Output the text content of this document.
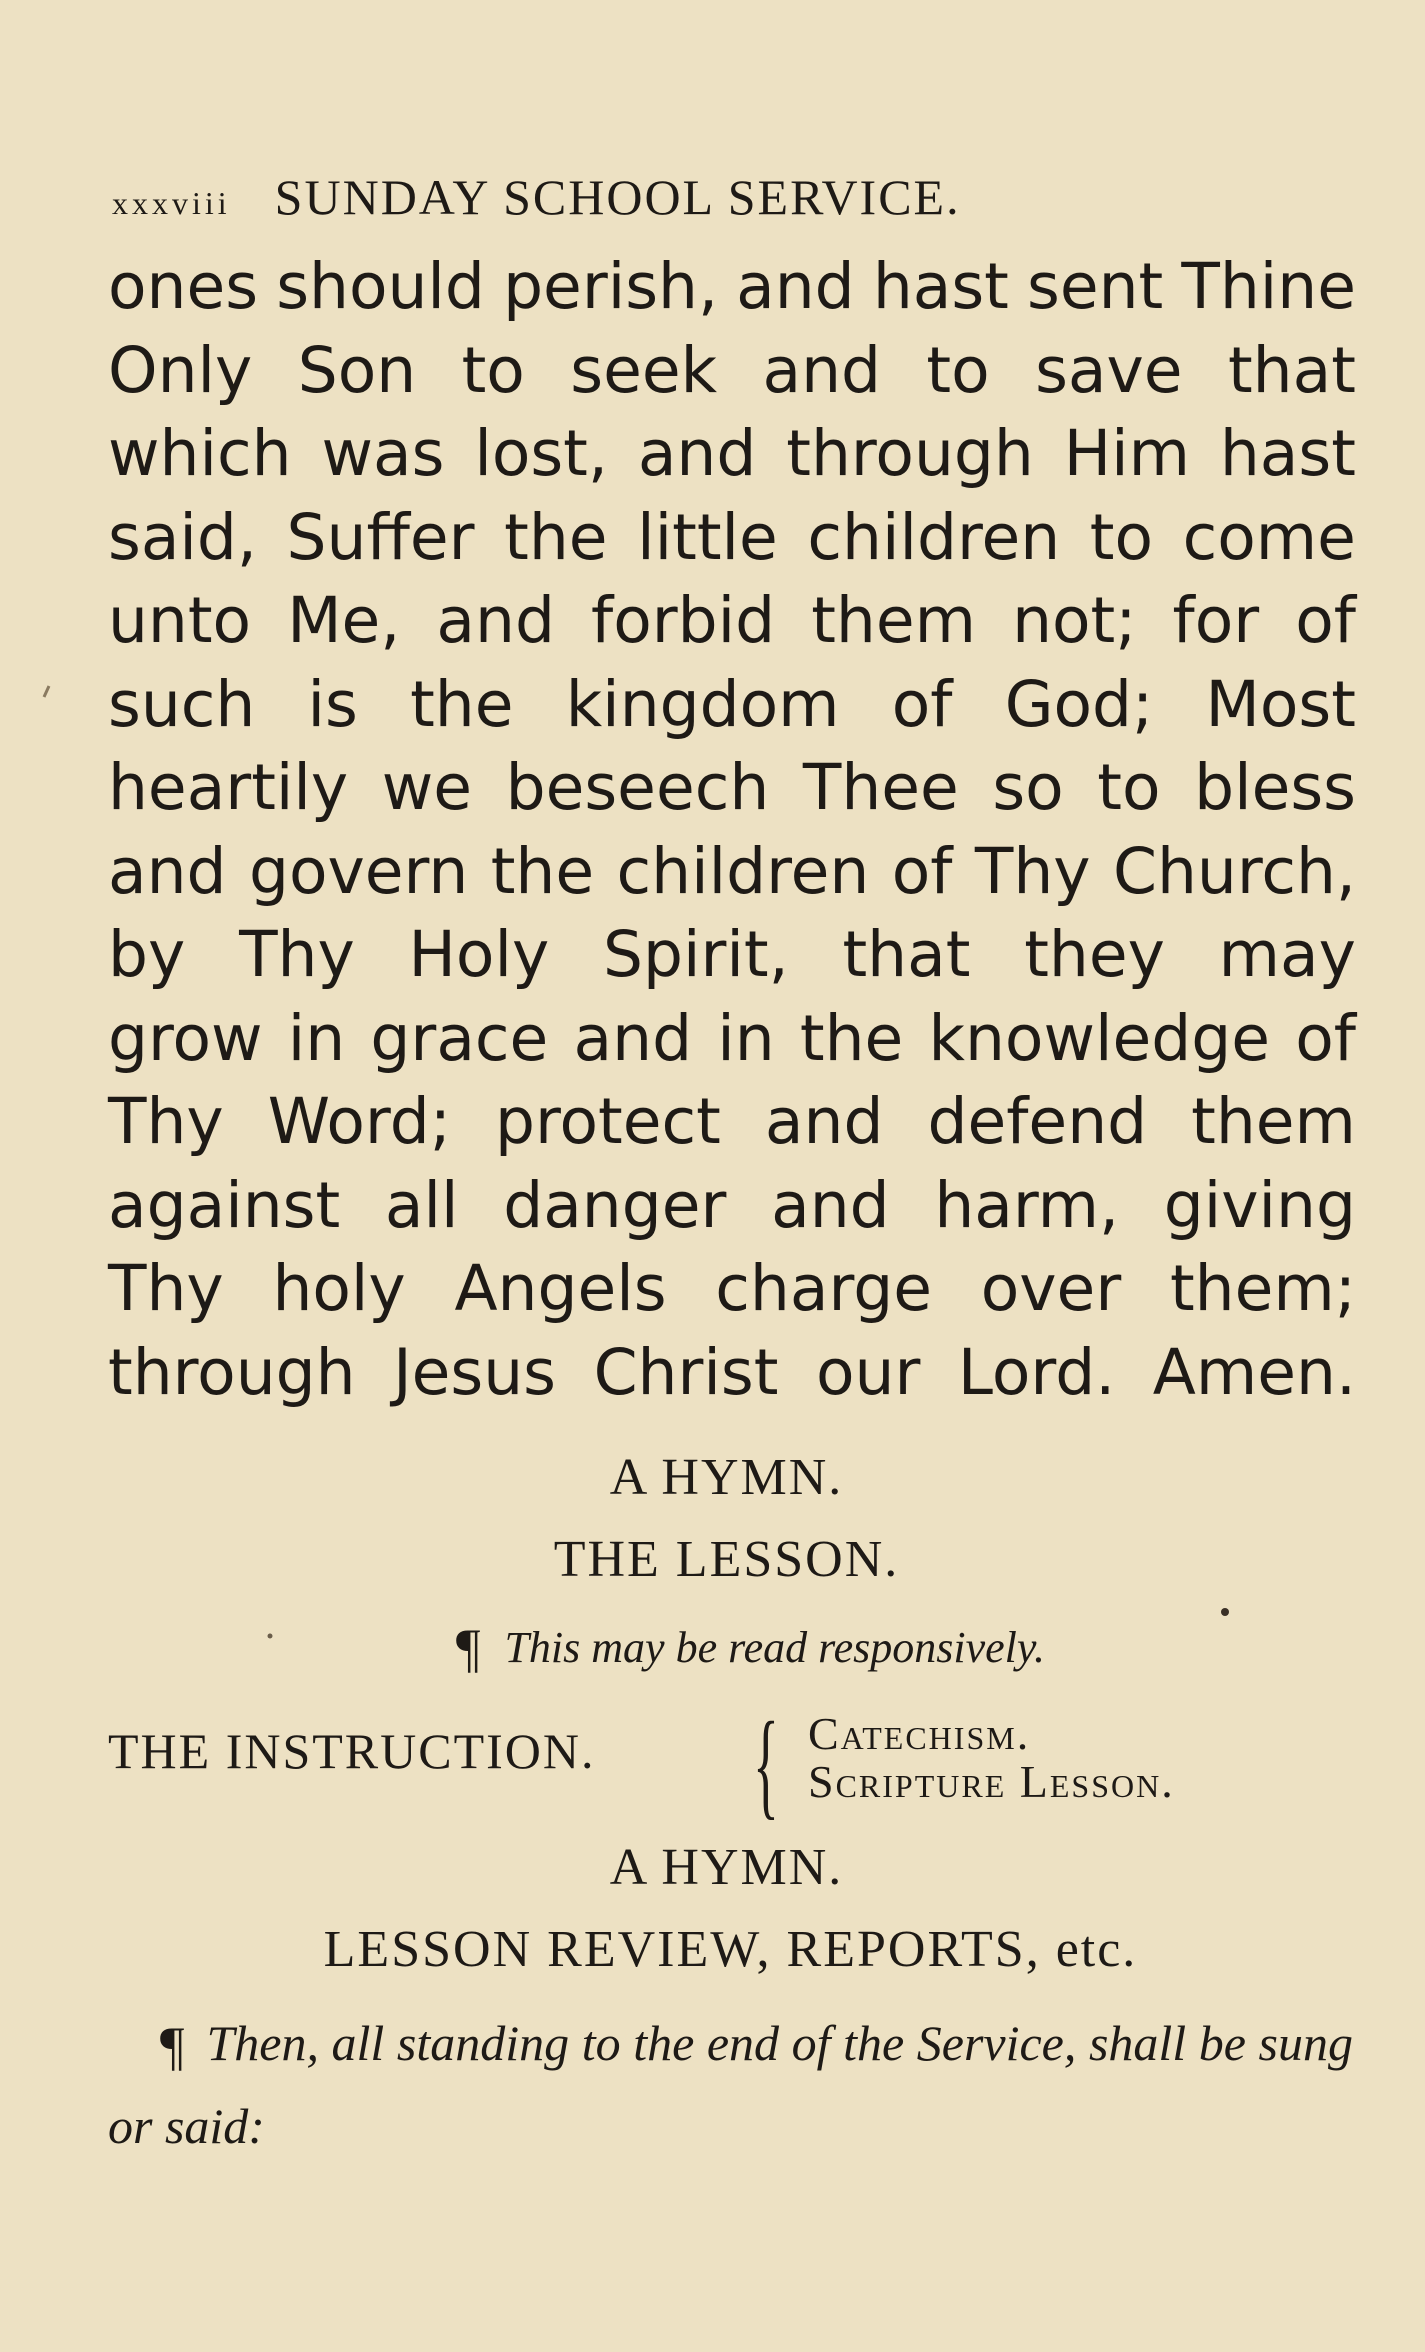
xxxviii SUNDAY SCHOOL SERVICE.
ones should perish, and hast sent Thine
Only Son to seek and to save that
which was lost, and through Him hast
said, Suffer the little children to come
unto Me, and forbid them not; for of
such is the kingdom of God; Most
heartily we beseech Thee so to bless
and govern the children of Thy Church,
by Thy Holy Spirit, that they may
grow in grace and in the knowledge of
Thy Word; protect and defend them
against all danger and harm, giving
Thy holy Angels charge over them;
through Jesus Christ our Lord. Amen.
A HYMN.
THE LESSON.
¶ This may be read responsively.
THE INSTRUCTION. { Catechism.
Scripture Lesson.
A HYMN.
LESSON REVIEW, REPORTS, etc.
¶ Then, all standing to the end of the Service, shall be sung or said:
